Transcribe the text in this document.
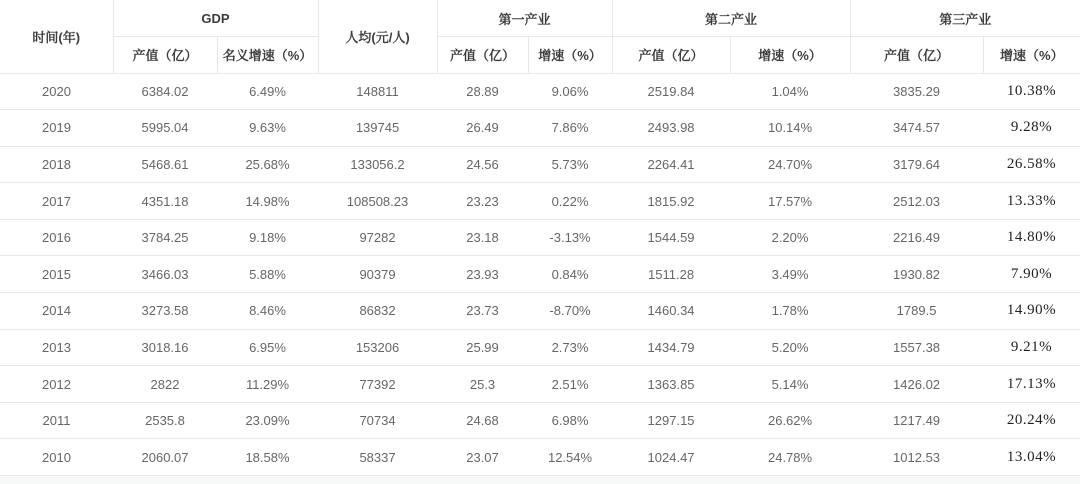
时间(年)	GDP		人均(元/人)	第一产业		第二产业		第三产业	
	产值（亿）	名义增速（%）		产值（亿）	增速（%）	产值（亿）	增速（%）	产值（亿）	增速（%）
2020	6384.02	6.49%	148811	28.89	9.06%	2519.84	1.04%	3835.29	10.38%
2019	5995.04	9.63%	139745	26.49	7.86%	2493.98	10.14%	3474.57	9.28%
2018	5468.61	25.68%	133056.2	24.56	5.73%	2264.41	24.70%	3179.64	26.58%
2017	4351.18	14.98%	108508.23	23.23	0.22%	1815.92	17.57%	2512.03	13.33%
2016	3784.25	9.18%	97282	23.18	-3.13%	1544.59	2.20%	2216.49	14.80%
2015	3466.03	5.88%	90379	23.93	0.84%	1511.28	3.49%	1930.82	7.90%
2014	3273.58	8.46%	86832	23.73	-8.70%	1460.34	1.78%	1789.5	14.90%
2013	3018.16	6.95%	153206	25.99	2.73%	1434.79	5.20%	1557.38	9.21%
2012	2822	11.29%	77392	25.3	2.51%	1363.85	5.14%	1426.02	17.13%
2011	2535.8	23.09%	70734	24.68	6.98%	1297.15	26.62%	1217.49	20.24%
2010	2060.07	18.58%	58337	23.07	12.54%	1024.47	24.78%	1012.53	13.04%
